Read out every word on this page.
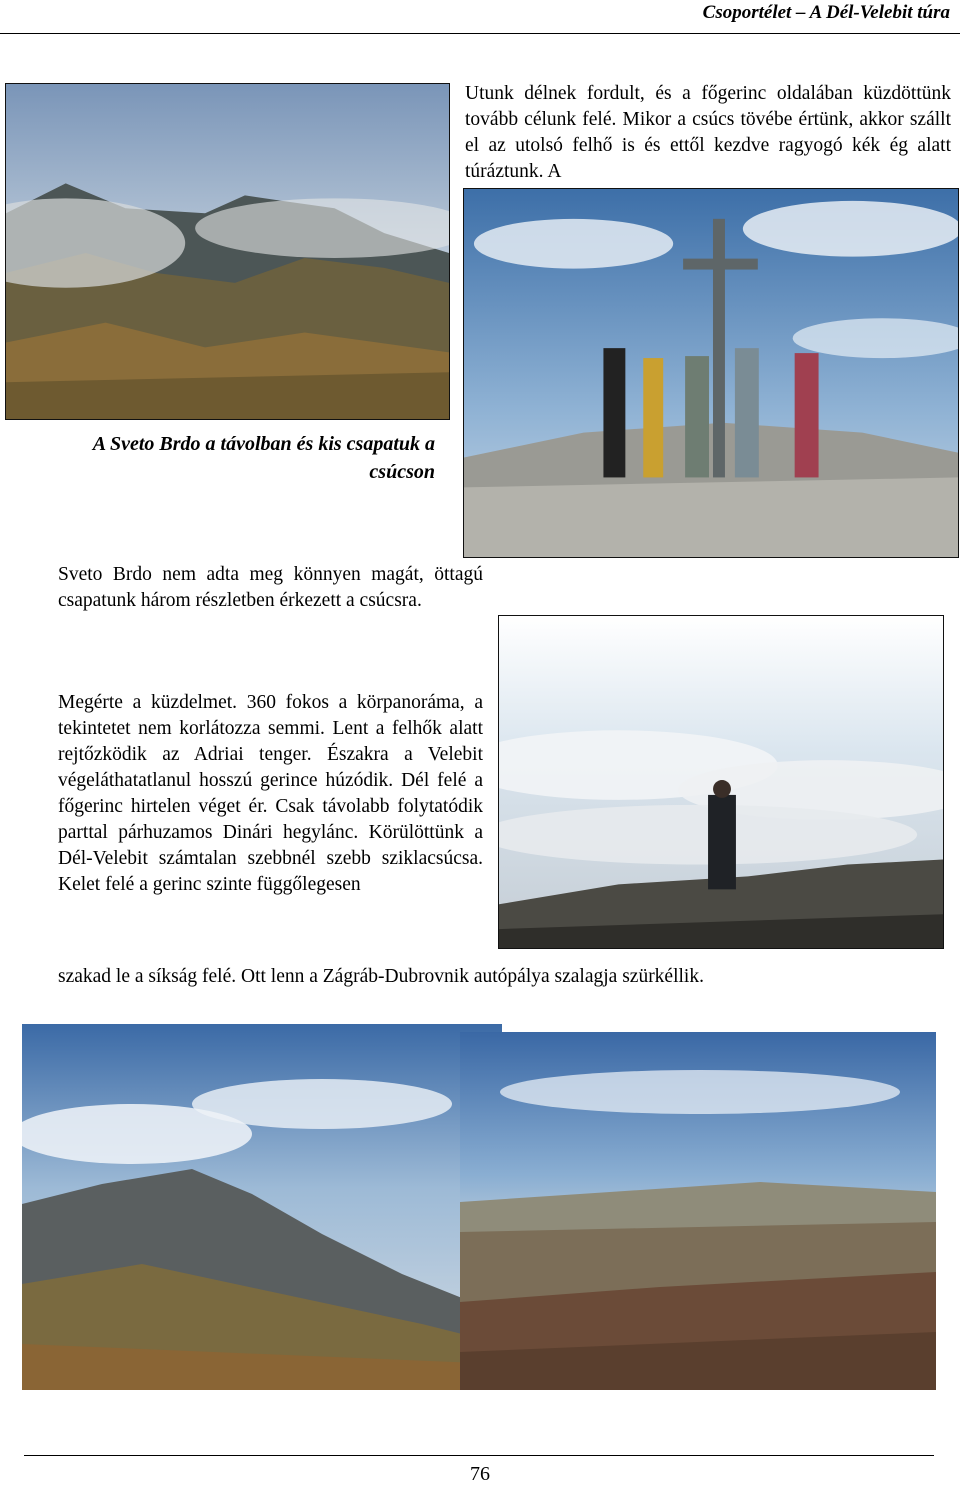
Csoportélet – A Dél-Velebit túra
Utunk délnek fordult, és a főgerinc oldalában küzdöttünk tovább célunk felé. Mikor a csúcs tövébe értünk, akkor szállt el az utolsó felhő is és ettől kezdve ragyogó kék ég alatt túráztunk. A
A Sveto Brdo a távolban és kis csapatuk a
csúcson
Sveto Brdo nem adta meg könnyen magát, öttagú csapatunk három részletben érkezett a csúcsra.
Megérte a küzdelmet. 360 fokos a körpanoráma, a tekintetet nem korlátozza semmi. Lent a felhők alatt rejtőzködik az Adriai tenger. Északra a Velebit végeláthatatlanul hosszú gerince húzódik. Dél felé a főgerinc hirtelen véget ér. Csak távolabb folytatódik parttal párhuzamos Dinári hegylánc. Körülöttünk a Dél-Velebit számtalan szebbnél szebb sziklacsúcsa. Kelet felé a gerinc szinte függőlegesen
szakad le a síkság felé. Ott lenn a Zágráb-Dubrovnik autópálya szalagja szürkéllik.
76
